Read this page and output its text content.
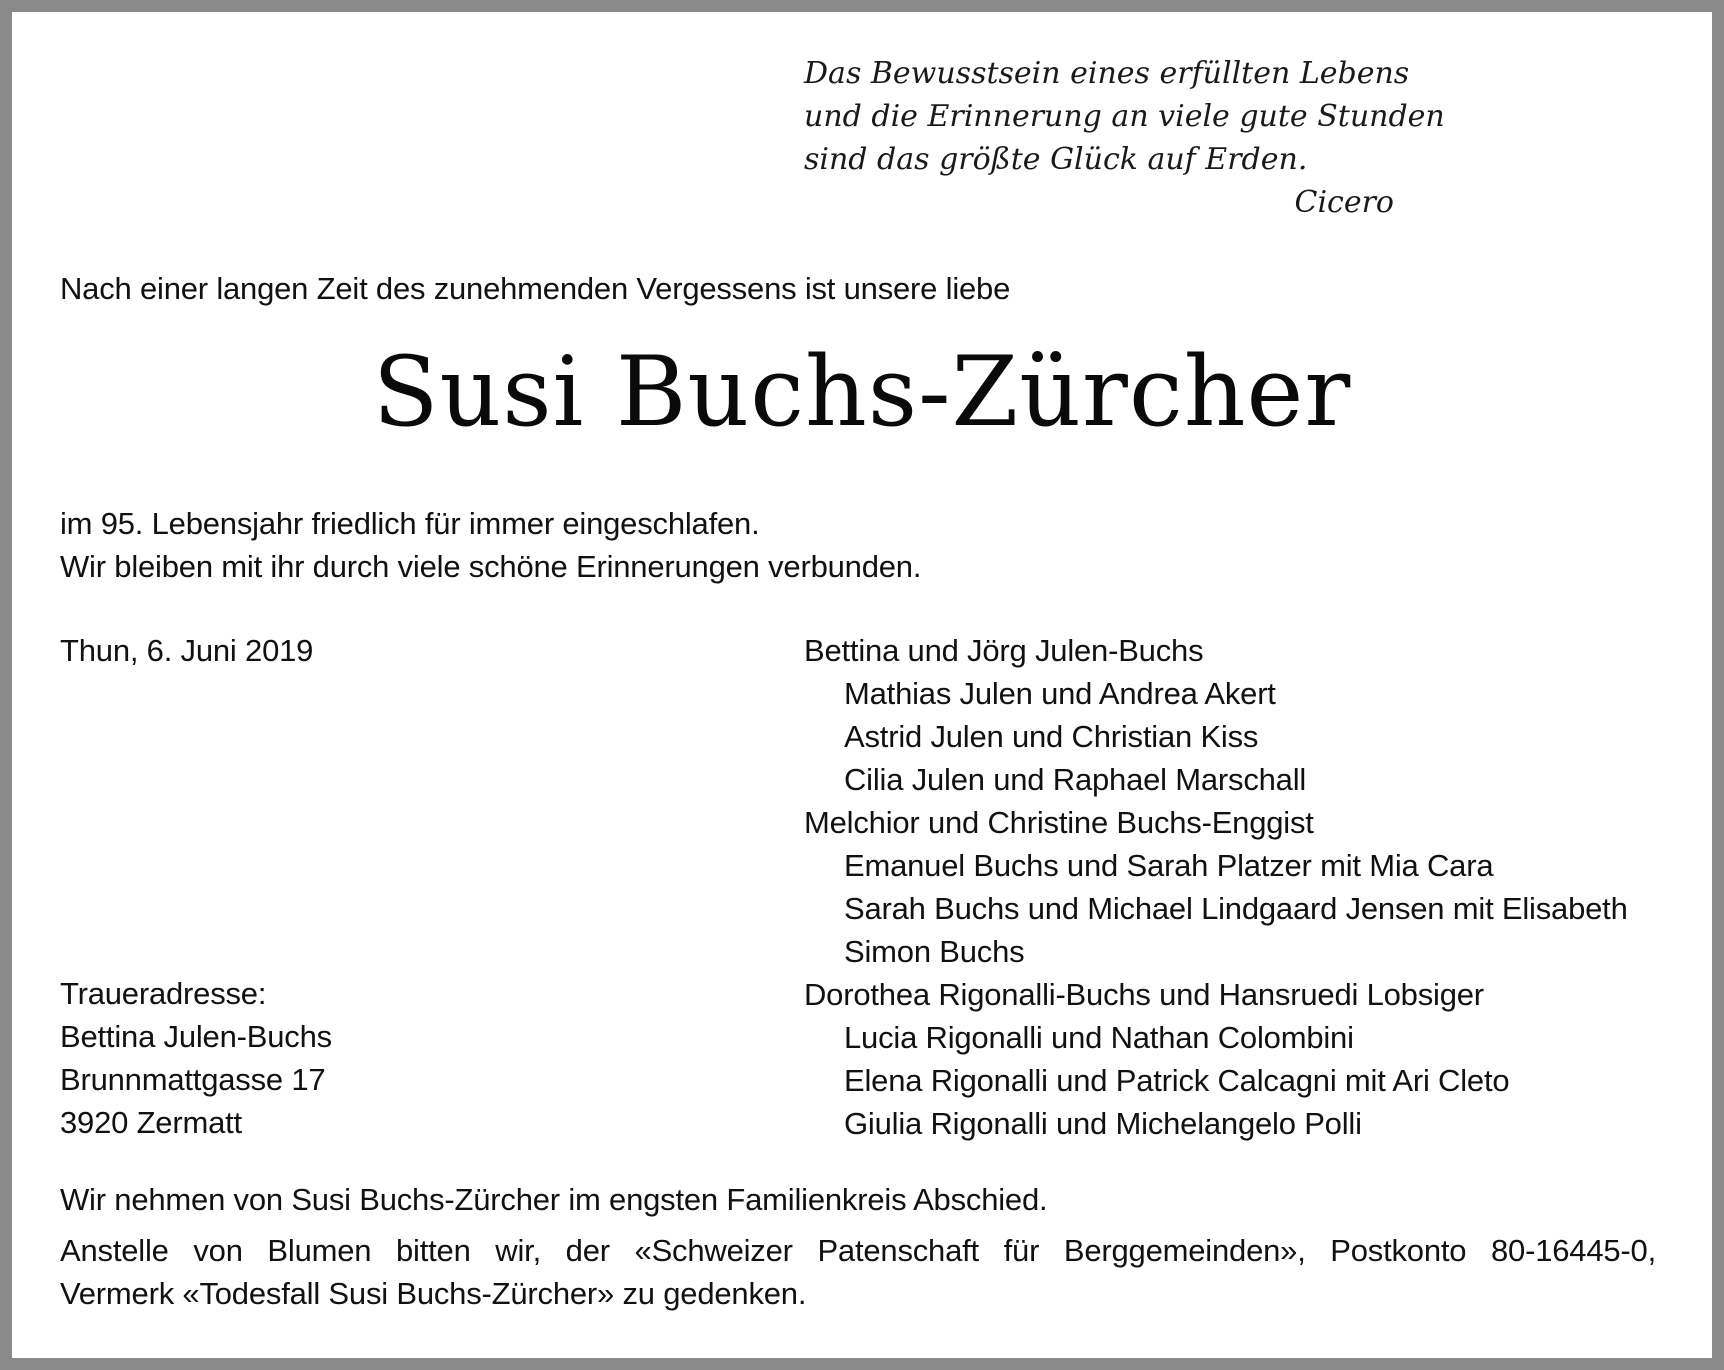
Das Bewusstsein eines erfüllten Lebens
und die Erinnerung an viele gute Stunden
sind das größte Glück auf Erden.
Cicero
Nach einer langen Zeit des zunehmenden Vergessens ist unsere liebe
Susi Buchs-Zürcher
im 95. Lebensjahr friedlich für immer eingeschlafen.
Wir bleiben mit ihr durch viele schöne Erinnerungen verbunden.
Thun, 6. Juni 2019	Bettina und Jörg Julen-Buchs
Mathias Julen und Andrea Akert
Astrid Julen und Christian Kiss
Cilia Julen und Raphael Marschall
Melchior und Christine Buchs-Enggist
Emanuel Buchs und Sarah Platzer mit Mia Cara
Sarah Buchs und Michael Lindgaard Jensen mit Elisabeth
Simon Buchs
Dorothea Rigonalli-Buchs und Hansruedi Lobsiger
Lucia Rigonalli und Nathan Colombini
Elena Rigonalli und Patrick Calcagni mit Ari Cleto
Giulia Rigonalli und Michelangelo Polli
Traueradresse:
Bettina Julen-Buchs
Brunnmattgasse 17
3920 Zermatt
Wir nehmen von Susi Buchs-Zürcher im engsten Familienkreis Abschied.
Anstelle von Blumen bitten wir, der «Schweizer Patenschaft für Berggemeinden», Postkonto 80-16445-0,
Vermerk «Todesfall Susi Buchs-Zürcher» zu gedenken.
